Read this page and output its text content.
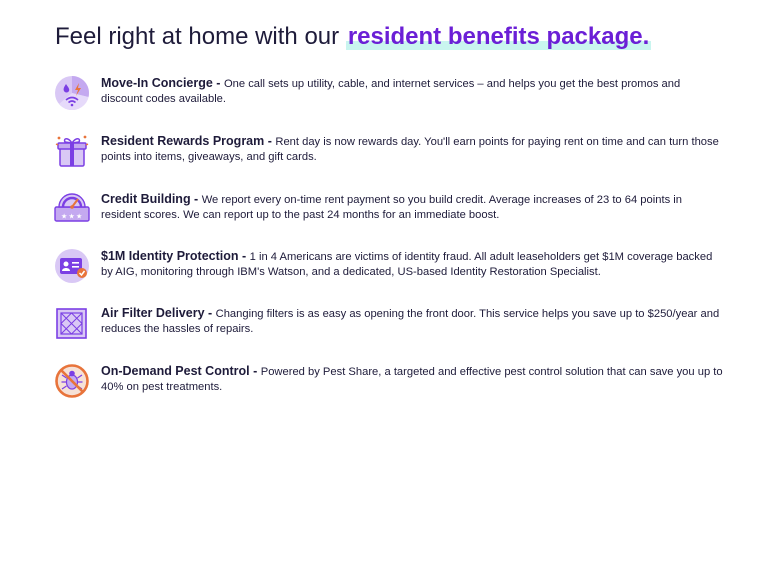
Feel right at home with our resident benefits package.
Move-In Concierge - One call sets up utility, cable, and internet services – and helps you get the best promos and discount codes available.
Resident Rewards Program - Rent day is now rewards day. You'll earn points for paying rent on time and can turn those points into items, giveaways, and gift cards.
★ ★ ★
Credit Building - We report every on-time rent payment so you build credit. Average increases of 23 to 64 points in resident scores. We can report up to the past 24 months for an immediate boost.
$1M Identity Protection - 1 in 4 Americans are victims of identity fraud. All adult leaseholders get $1M coverage backed by AIG, monitoring through IBM's Watson, and a dedicated, US-based Identity Restoration Specialist.
Air Filter Delivery - Changing filters is as easy as opening the front door. This service helps you save up to $250/year and reduces the hassles of repairs.
On-Demand Pest Control - Powered by Pest Share, a targeted and effective pest control solution that can save you up to 40% on pest treatments.
